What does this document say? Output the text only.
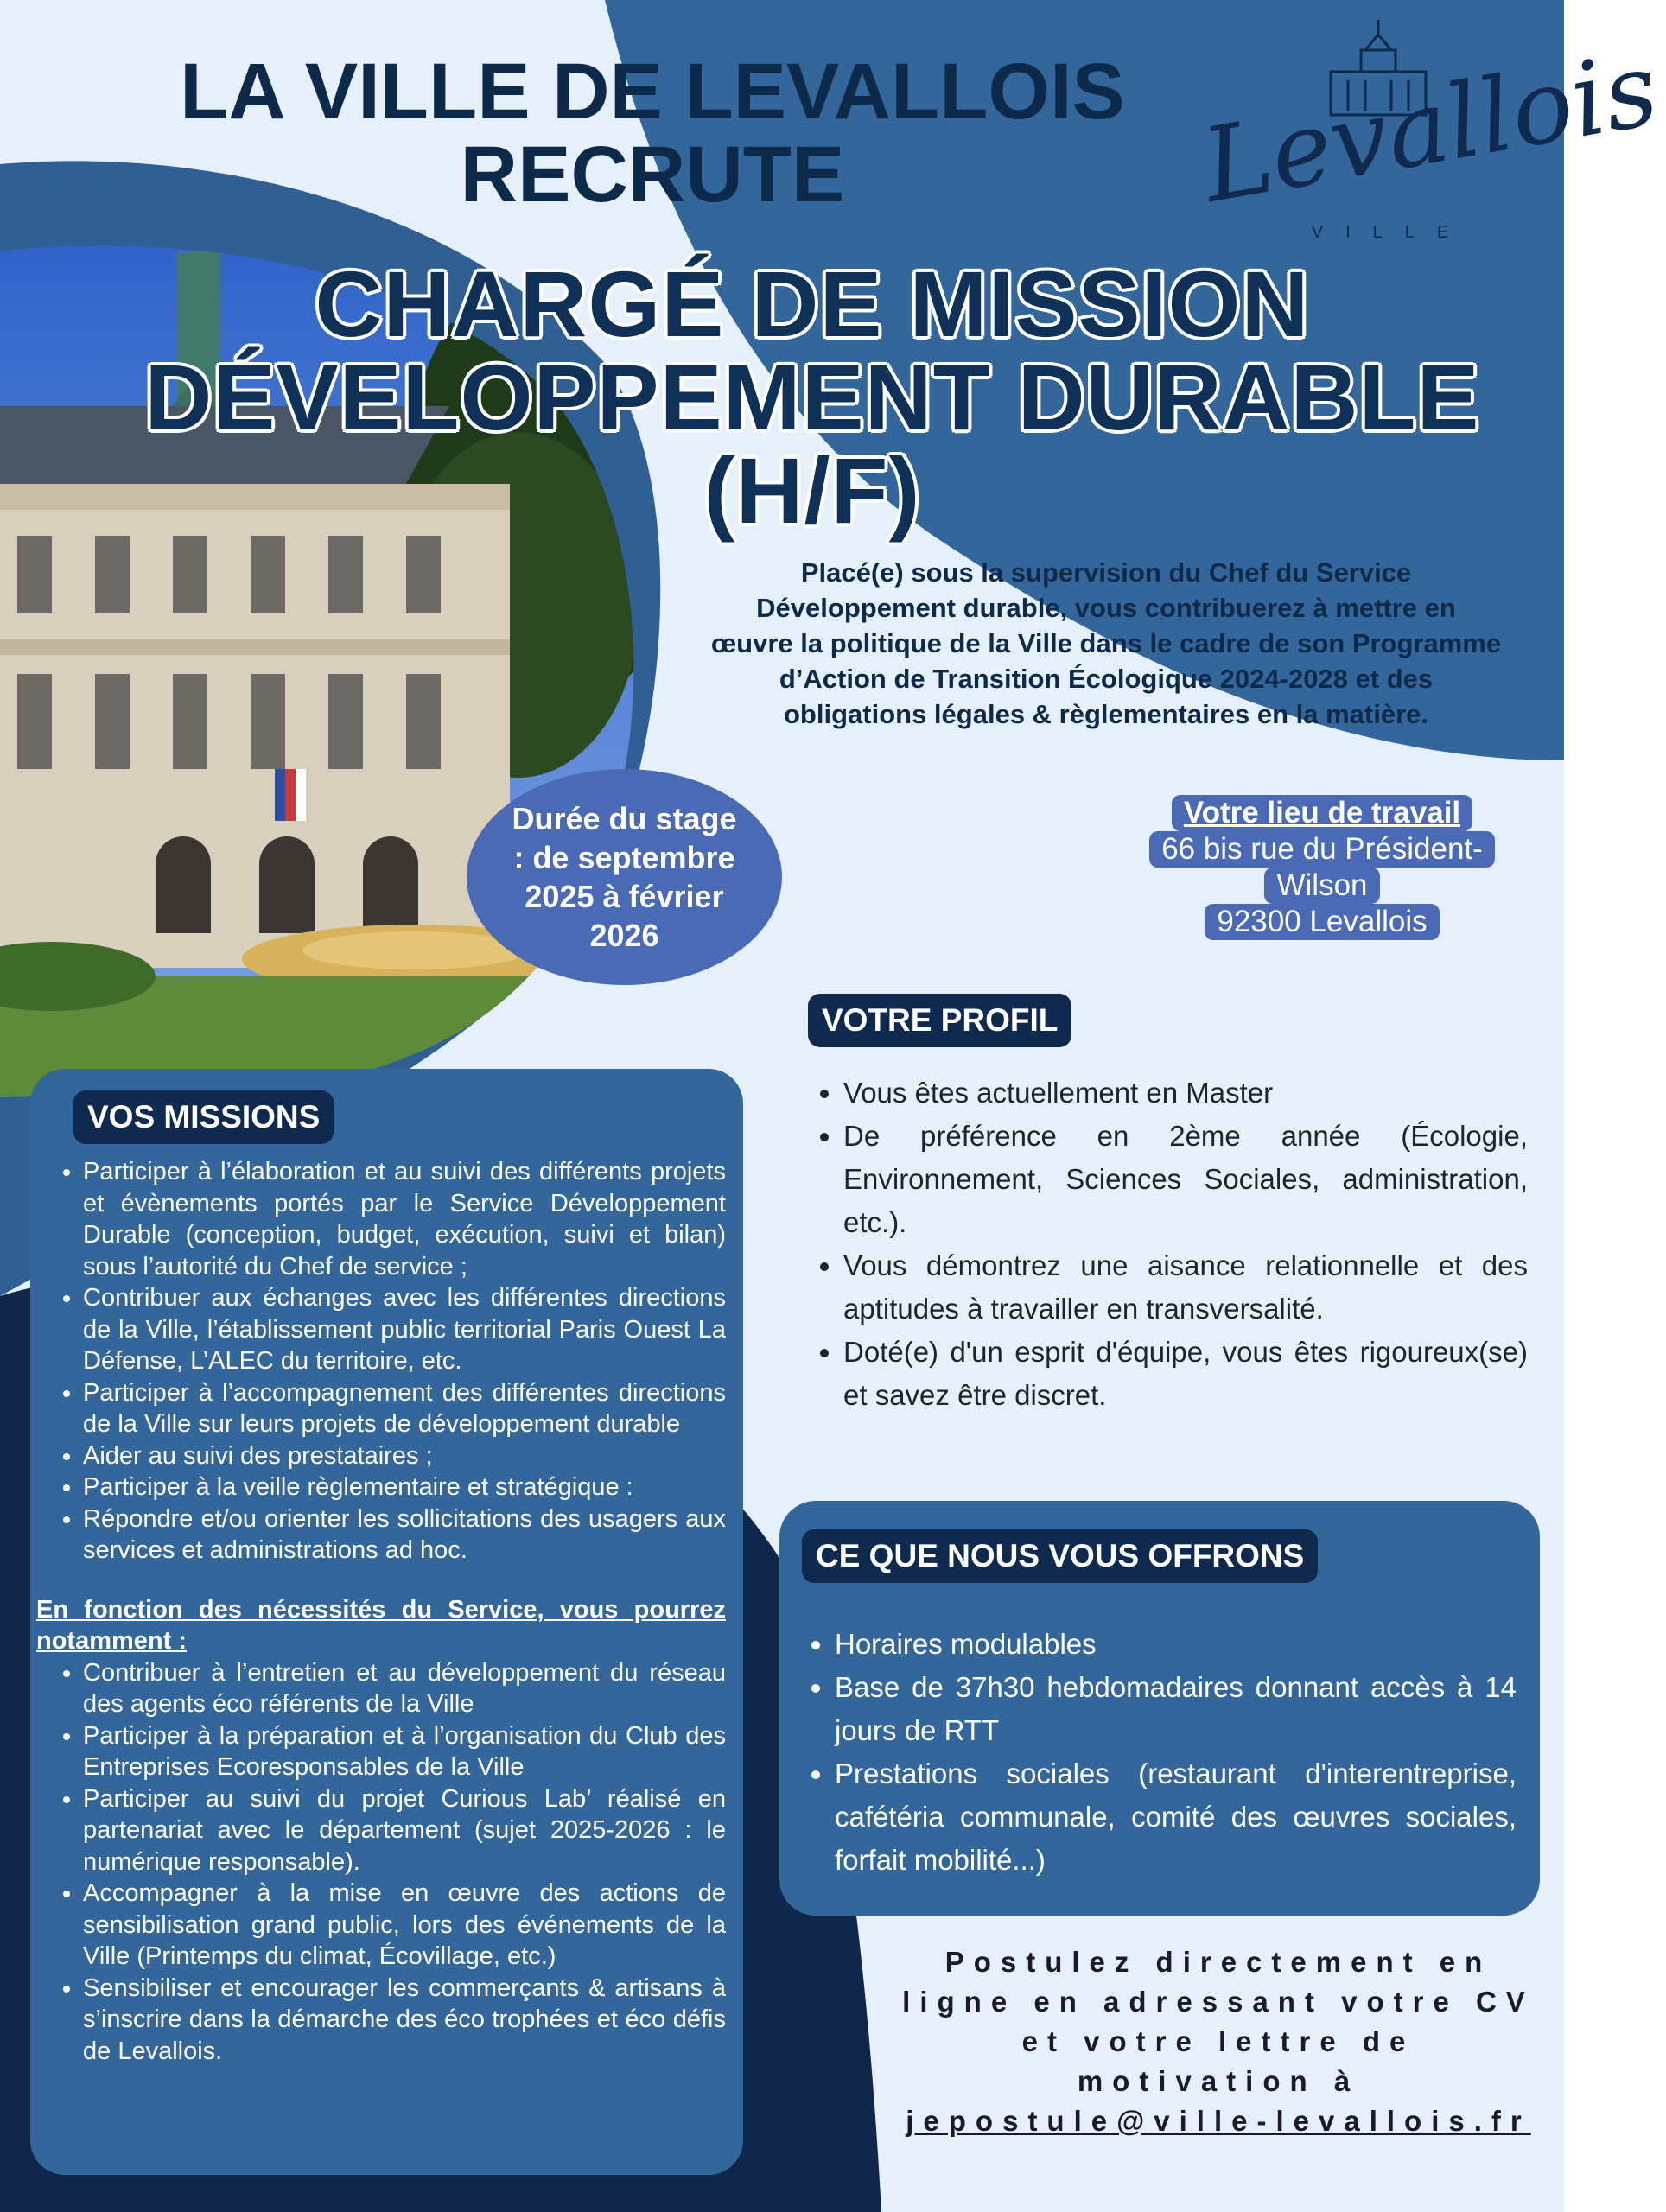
LA VILLE DE LEVALLOIS
RECRUTE	Levallois
VILLE
CHARGÉ DE MISSION
DÉVELOPPEMENT DURABLE
(H/F)
Placé(e) sous la supervision du Chef du Service
Développement durable, vous contribuerez à mettre en
œuvre la politique de la Ville dans le cadre de son Programme
d’Action de Transition Écologique 2024-2028 et des
obligations légales & règlementaires en la matière.
Durée du stage : de septembre 2025 à février 2026
Votre lieu de travail
66 bis rue du Président-
Wilson
92300 Levallois
VOS MISSIONS
• Participer à l’élaboration et au suivi des différents projets et évènements portés par le Service Développement Durable (conception, budget, exécution, suivi et bilan) sous l’autorité du Chef de service ;
• Contribuer aux échanges avec les différentes directions de la Ville, l’établissement public territorial Paris Ouest La Défense, L’ALEC du territoire, etc.
• Participer à l’accompagnement des différentes directions de la Ville sur leurs projets de développement durable
• Aider au suivi des prestataires ;
• Participer à la veille règlementaire et stratégique :
• Répondre et/ou orienter les sollicitations des usagers aux services et administrations ad hoc.
En fonction des nécessités du Service, vous pourrez notamment :
• Contribuer à l’entretien et au développement du réseau des agents éco référents de la Ville
• Participer à la préparation et à l’organisation du Club des Entreprises Ecoresponsables de la Ville
• Participer au suivi du projet Curious Lab’ réalisé en partenariat avec le département (sujet 2025-2026 : le numérique responsable).
• Accompagner à la mise en œuvre des actions de sensibilisation grand public, lors des événements de la Ville (Printemps du climat, Écovillage, etc.)
• Sensibiliser et encourager les commerçants & artisans à s’inscrire dans la démarche des éco trophées et éco défis de Levallois.
VOTRE PROFIL
• Vous êtes actuellement en Master
• De préférence en 2ème année (Écologie, Environnement, Sciences Sociales, administration, etc.).
• Vous démontrez une aisance relationnelle et des aptitudes à travailler en transversalité.
• Doté(e) d'un esprit d'équipe, vous êtes rigoureux(se) et savez être discret.
CE QUE NOUS VOUS OFFRONS
• Horaires modulables
• Base de 37h30 hebdomadaires donnant accès à 14 jours de RTT
• Prestations sociales (restaurant d'interentreprise, cafétéria communale, comité des œuvres sociales, forfait mobilité...)
Postulez directement en ligne en adressant votre CV et votre lettre de motivation à jepostule@ville-levallois.fr
